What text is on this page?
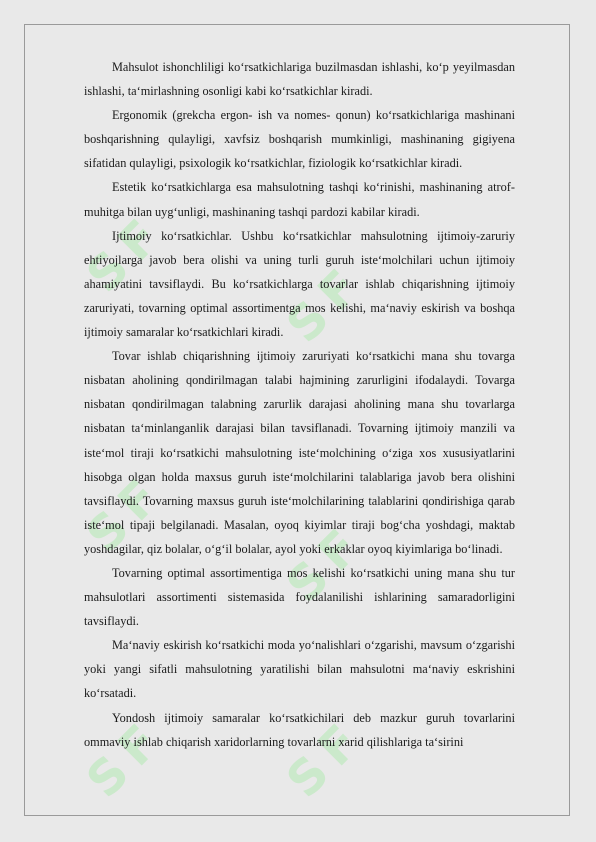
SF SF
SF SF
SF SF

Mahsulot ishonchliligi ko‘rsatkichlariga buzilmasdan ishlashi, ko‘p yeyilmasdan ishlashi, ta‘mirlashning osonligi kabi ko‘rsatkichlar kiradi.

Ergonomik (grekcha ergon- ish va nomes- qonun) ko‘rsatkichlariga mashinani boshqarishning qulayligi, xavfsiz boshqarish mumkinligi, mashinaning gigiyena sifatidan qulayligi, psixologik ko‘rsatkichlar, fiziologik ko‘rsatkichlar kiradi.

Estetik ko‘rsatkichlarga esa mahsulotning tashqi ko‘rinishi, mashinaning atrof-muhitga bilan uyg‘unligi, mashinaning tashqi pardozi kabilar kiradi.

Ijtimoiy ko‘rsatkichlar. Ushbu ko‘rsatkichlar mahsulotning ijtimoiy-zaruriy ehtiyojlarga javob bera olishi va uning turli guruh iste‘molchilari uchun ijtimoiy ahamiyatini tavsiflaydi. Bu ko‘rsatkichlarga tovarlar ishlab chiqarishning ijtimoiy zaruriyati, tovarning optimal assortimentga mos kelishi, ma‘naviy eskirish va boshqa ijtimoiy samaralar ko‘rsatkichlari kiradi.

Tovar ishlab chiqarishning ijtimoiy zaruriyati ko‘rsatkichi mana shu tovarga nisbatan aholining qondirilmagan talabi hajmining zarurligini ifodalaydi. Tovarga nisbatan qondirilmagan talabning zarurlik darajasi aholining mana shu tovarlarga nisbatan ta‘minlanganlik darajasi bilan tavsiflanadi. Tovarning ijtimoiy manzili va iste‘mol tiraji ko‘rsatkichi mahsulotning iste‘molchining o‘ziga xos xususiyatlarini hisobga olgan holda maxsus guruh iste‘molchilarini talablariga javob bera olishini tavsiflaydi. Tovarning maxsus guruh iste‘molchilarining talablarini qondirishiga qarab iste‘mol tipaji belgilanadi. Masalan, oyoq kiyimlar tiraji bog‘cha yoshdagi, maktab yoshdagilar, qiz bolalar, o‘g‘il bolalar, ayol yoki erkaklar oyoq kiyimlariga bo‘linadi.

Tovarning optimal assortimentiga mos kelishi ko‘rsatkichi uning mana shu tur mahsulotlari assortimenti sistemasida foydalanilishi ishlarining samaradorligini tavsiflaydi.

Ma‘naviy eskirish ko‘rsatkichi moda yo‘nalishlari o‘zgarishi, mavsum o‘zgarishi yoki yangi sifatli mahsulotning yaratilishi bilan mahsulotni ma‘naviy eskrishini ko‘rsatadi.

Yondosh ijtimoiy samaralar ko‘rsatkichilari deb mazkur guruh tovarlarini ommaviy ishlab chiqarish xaridorlarning tovarlarni xarid qilishlariga ta‘sirini
